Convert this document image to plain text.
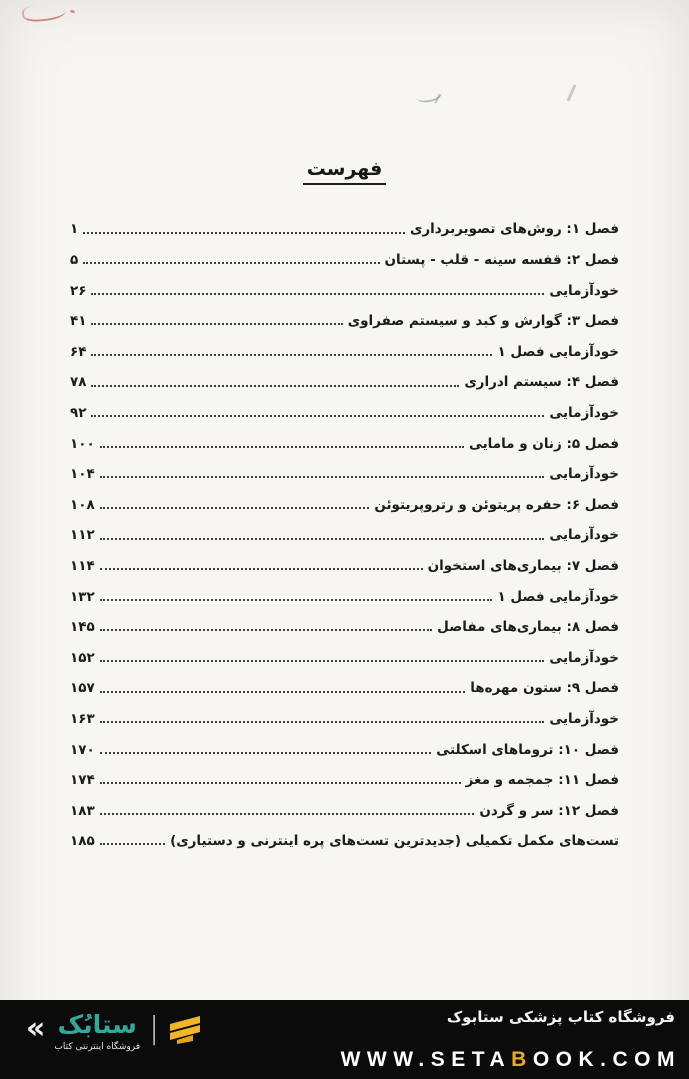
فهرست
فصل ۱: روش‌های تصویربرداری
۱
فصل ۲: قفسه سینه - قلب - پستان
۵
خودآزمایی
۲۶
فصل ۳: گوارش و کبد و سیستم صفراوی
۴۱
خودآزمایی فصل ۱
۶۴
فصل ۴: سیستم ادراری
۷۸
خودآزمایی
۹۲
فصل ۵: زنان و مامایی
۱۰۰
خودآزمایی
۱۰۴
فصل ۶: حفره پریتوئن و رتروپریتوئن
۱۰۸
خودآزمایی
۱۱۲
فصل ۷: بیماری‌های استخوان
۱۱۴
خودآزمایی فصل ۱
۱۳۲
فصل ۸: بیماری‌های مفاصل
۱۴۵
خودآزمایی
۱۵۲
فصل ۹: ستون مهره‌ها
۱۵۷
خودآزمایی
۱۶۳
فصل ۱۰: تروماهای اسکلتی
۱۷۰
فصل ۱۱: جمجمه و مغز
۱۷۴
فصل ۱۲: سر و گردن
۱۸۳
تست‌های مکمل تکمیلی (جدیدترین تست‌های پره اینترنی و دستیاری)
۱۸۵
« ستابُک
فروشگاه اینترنتی کتاب
|	فروشگاه کتاب پزشکی ستابوک
WWW.SETABOOK.COM
